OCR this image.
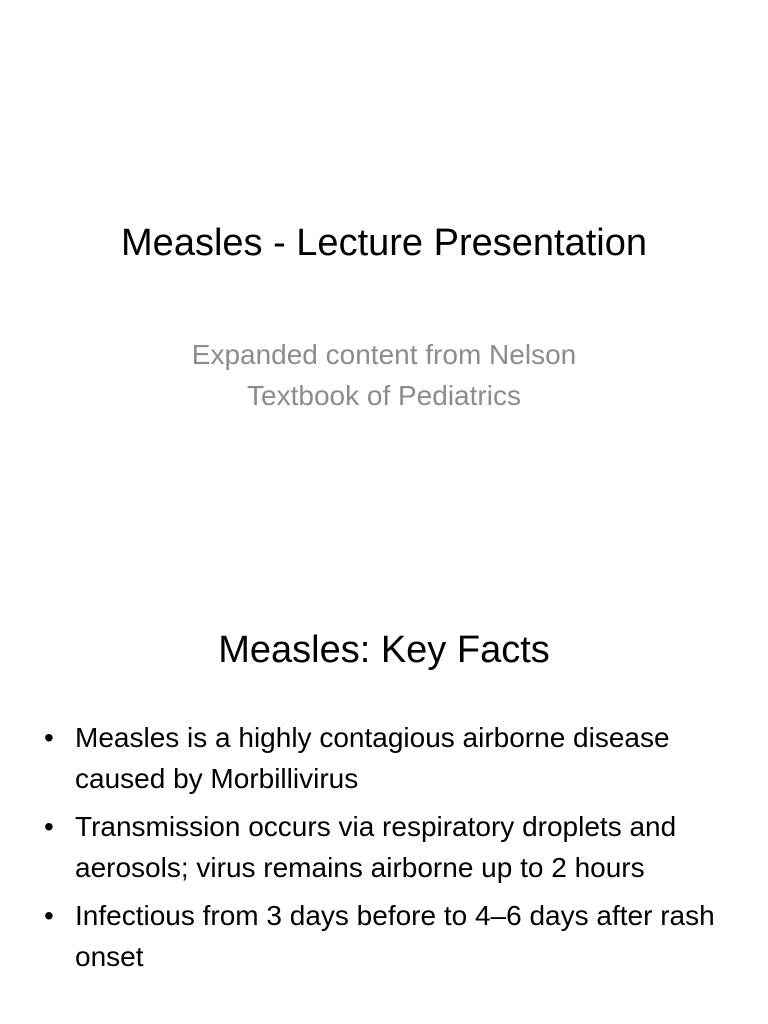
Measles - Lecture Presentation

Expanded content from Nelson Textbook of Pediatrics

Measles: Key Facts
• Measles is a highly contagious airborne disease caused by Morbillivirus
• Transmission occurs via respiratory droplets and aerosols; virus remains airborne up to 2 hours
• Infectious from 3 days before to 4–6 days after rash onset
